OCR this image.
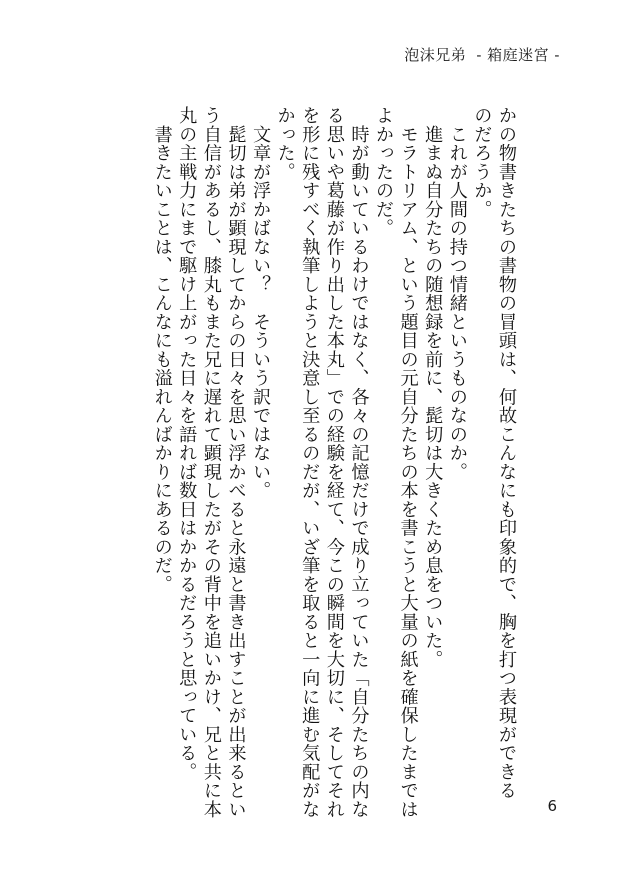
泡沫兄弟 - 箱庭迷宮 -
かの物書きたちの書物の冒頭は、何故こんなにも印象的で、胸を打つ表現ができる
のだろうか。
　これが人間の持つ情緒というものなのか。
　進まぬ自分たちの随想録を前に、髭切は大きくため息をついた。
　モラトリアム、という題目の元自分たちの本を書こうと大量の紙を確保したまでは
よかったのだ。
　時が動いているわけではなく、各々の記憶だけで成り立っていた「自分たちの内な
る思いや葛藤が作り出した本丸」での経験を経て、今この瞬間を大切に、そしてそれ
を形に残すべく執筆しようと決意し至るのだが、いざ筆を取ると一向に進む気配がな
かった。
　文章が浮かばない？　そういう訳ではない。
　髭切は弟が顕現してからの日々を思い浮かべると永遠と書き出すことが出来るとい
う自信があるし、膝丸もまた兄に遅れて顕現したがその背中を追いかけ、兄と共に本
丸の主戦力にまで駆け上がった日々を語れば数日はかかるだろうと思っている。
　書きたいことは、こんなにも溢れんばかりにあるのだ。
6
